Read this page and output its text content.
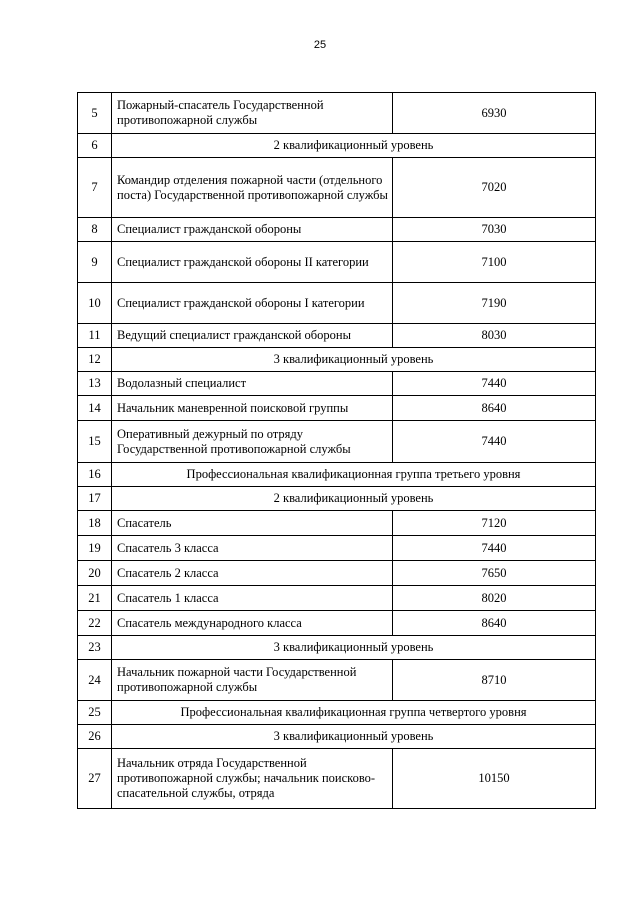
25
5	Пожарный-спасатель Государственной противопожарной службы	6930
6	2 квалификационный уровень	
7	Командир отделения пожарной части (отдельного поста) Государственной противопожарной службы	7020
8	Специалист гражданской обороны	7030
9	Специалист гражданской обороны II категории	7100
10	Специалист гражданской обороны I категории	7190
11	Ведущий специалист гражданской обороны	8030
12	3 квалификационный уровень	
13	Водолазный специалист	7440
14	Начальник маневренной поисковой группы	8640
15	Оперативный дежурный по отряду Государственной противопожарной службы	7440
16	Профессиональная квалификационная группа третьего уровня	
17	2 квалификационный уровень	
18	Спасатель	7120
19	Спасатель 3 класса	7440
20	Спасатель 2 класса	7650
21	Спасатель 1 класса	8020
22	Спасатель международного класса	8640
23	3 квалификационный уровень	
24	Начальник пожарной части Государственной противопожарной службы	8710
25	Профессиональная квалификационная группа четвертого уровня	
26	3 квалификационный уровень	
27	Начальник отряда Государственной противопожарной службы; начальник поисково-спасательной службы, отряда	10150
